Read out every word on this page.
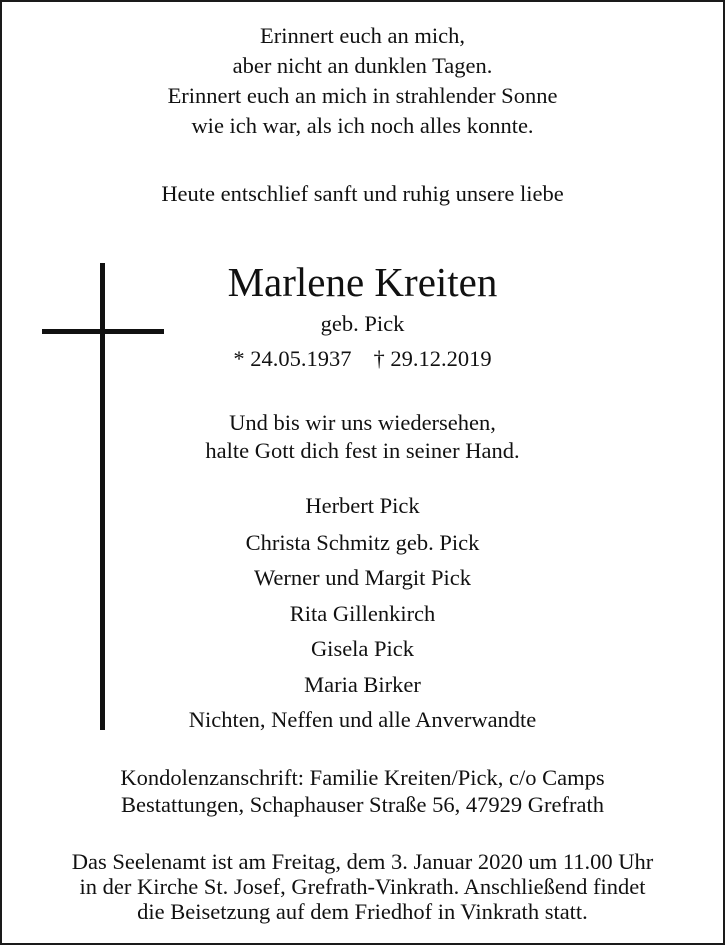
Erinnert euch an mich,
aber nicht an dunklen Tagen.
Erinnert euch an mich in strahlender Sonne
wie ich war, als ich noch alles konnte.
Heute entschlief sanft und ruhig unsere liebe
Marlene Kreiten
geb. Pick
* 24.05.1937 † 29.12.2019
Und bis wir uns wiedersehen,
halte Gott dich fest in seiner Hand.
Herbert Pick
Christa Schmitz geb. Pick
Werner und Margit Pick
Rita Gillenkirch
Gisela Pick
Maria Birker
Nichten, Neffen und alle Anverwandte
Kondolenzanschrift: Familie Kreiten/Pick, c/o Camps
Bestattungen, Schaphauser Straße 56, 47929 Grefrath
Das Seelenamt ist am Freitag, dem 3. Januar 2020 um 11.00 Uhr
in der Kirche St. Josef, Grefrath-Vinkrath. Anschließend findet
die Beisetzung auf dem Friedhof in Vinkrath statt.
